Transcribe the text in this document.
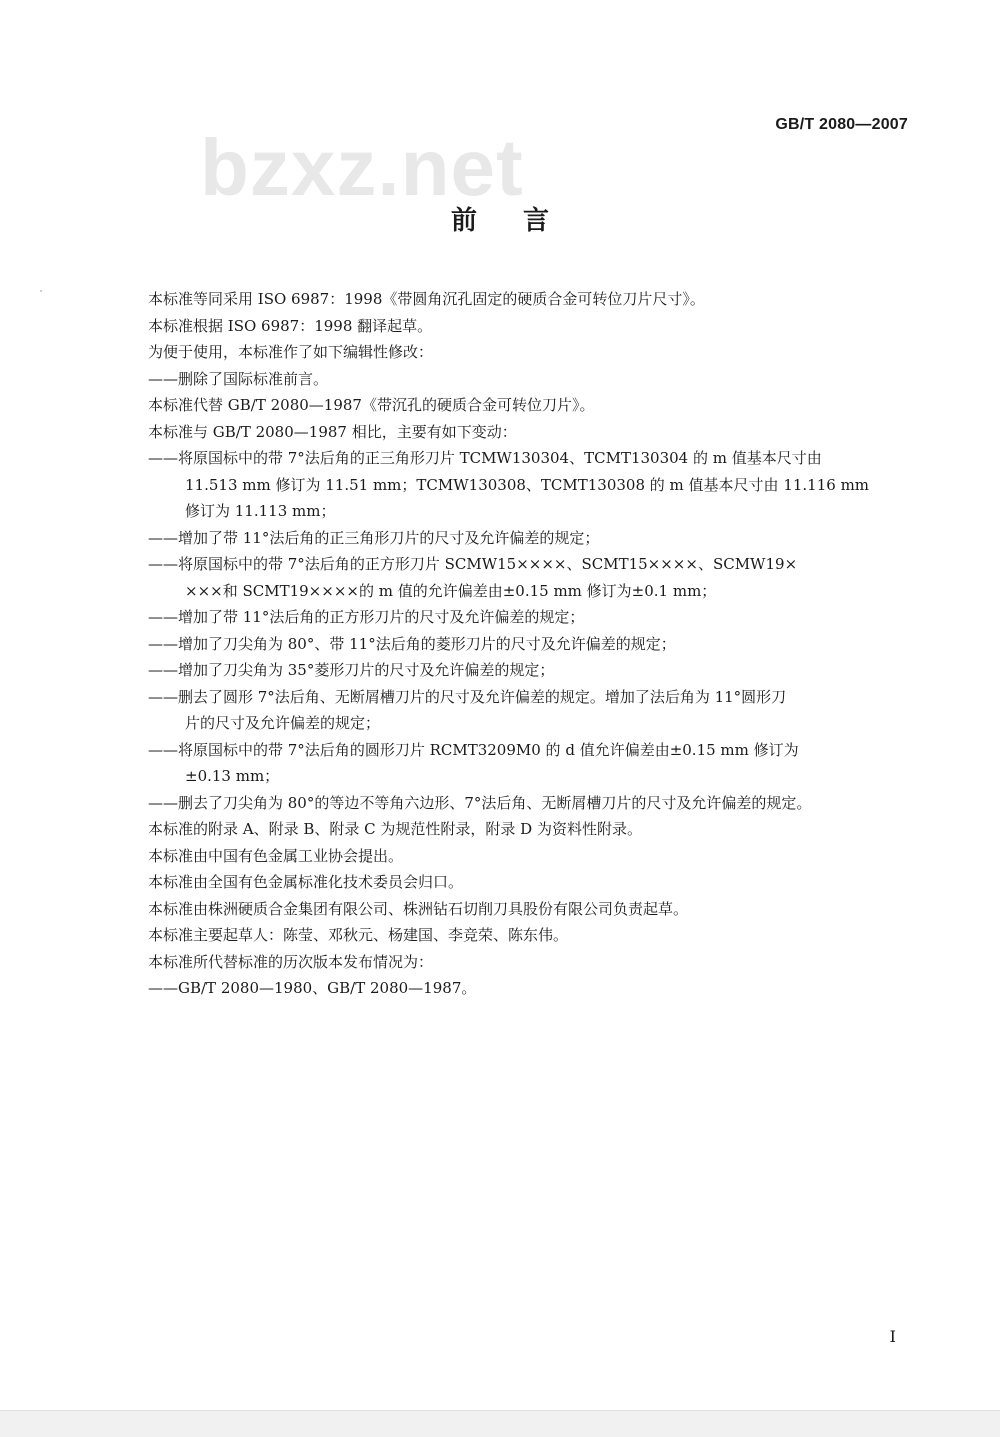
bzxz.net	GB/T 2080—2007
前 言

本标准等同采用 ISO 6987：1998《带圆角沉孔固定的硬质合金可转位刀片尺寸》。

本标准根据 ISO 6987：1998 翻译起草。

为便于使用，本标准作了如下编辑性修改：

——删除了国际标准前言。

本标准代替 GB/T 2080—1987《带沉孔的硬质合金可转位刀片》。

本标准与 GB/T 2080—1987 相比，主要有如下变动：

——将原国标中的带 7°法后角的正三角形刀片 TCMW130304、TCMT130304 的 m 值基本尺寸由

11.513 mm 修订为 11.51 mm；TCMW130308、TCMT130308 的 m 值基本尺寸由 11.116 mm

修订为 11.113 mm；

——增加了带 11°法后角的正三角形刀片的尺寸及允许偏差的规定；

——将原国标中的带 7°法后角的正方形刀片 SCMW15××××、SCMT15××××、SCMW19×

×××和 SCMT19××××的 m 值的允许偏差由±0.15 mm 修订为±0.1 mm；

——增加了带 11°法后角的正方形刀片的尺寸及允许偏差的规定；

——增加了刀尖角为 80°、带 11°法后角的菱形刀片的尺寸及允许偏差的规定；

——增加了刀尖角为 35°菱形刀片的尺寸及允许偏差的规定；

——删去了圆形 7°法后角、无断屑槽刀片的尺寸及允许偏差的规定。增加了法后角为 11°圆形刀

片的尺寸及允许偏差的规定；

——将原国标中的带 7°法后角的圆形刀片 RCMT3209M0 的 d 值允许偏差由±0.15 mm 修订为

±0.13 mm；

——删去了刀尖角为 80°的等边不等角六边形、7°法后角、无断屑槽刀片的尺寸及允许偏差的规定。

本标准的附录 A、附录 B、附录 C 为规范性附录，附录 D 为资料性附录。

本标准由中国有色金属工业协会提出。

本标准由全国有色金属标准化技术委员会归口。

本标准由株洲硬质合金集团有限公司、株洲钻石切削刀具股份有限公司负责起草。

本标准主要起草人：陈莹、邓秋元、杨建国、李竞荣、陈东伟。

本标准所代替标准的历次版本发布情况为：

——GB/T 2080—1980、GB/T 2080—1987。

I
